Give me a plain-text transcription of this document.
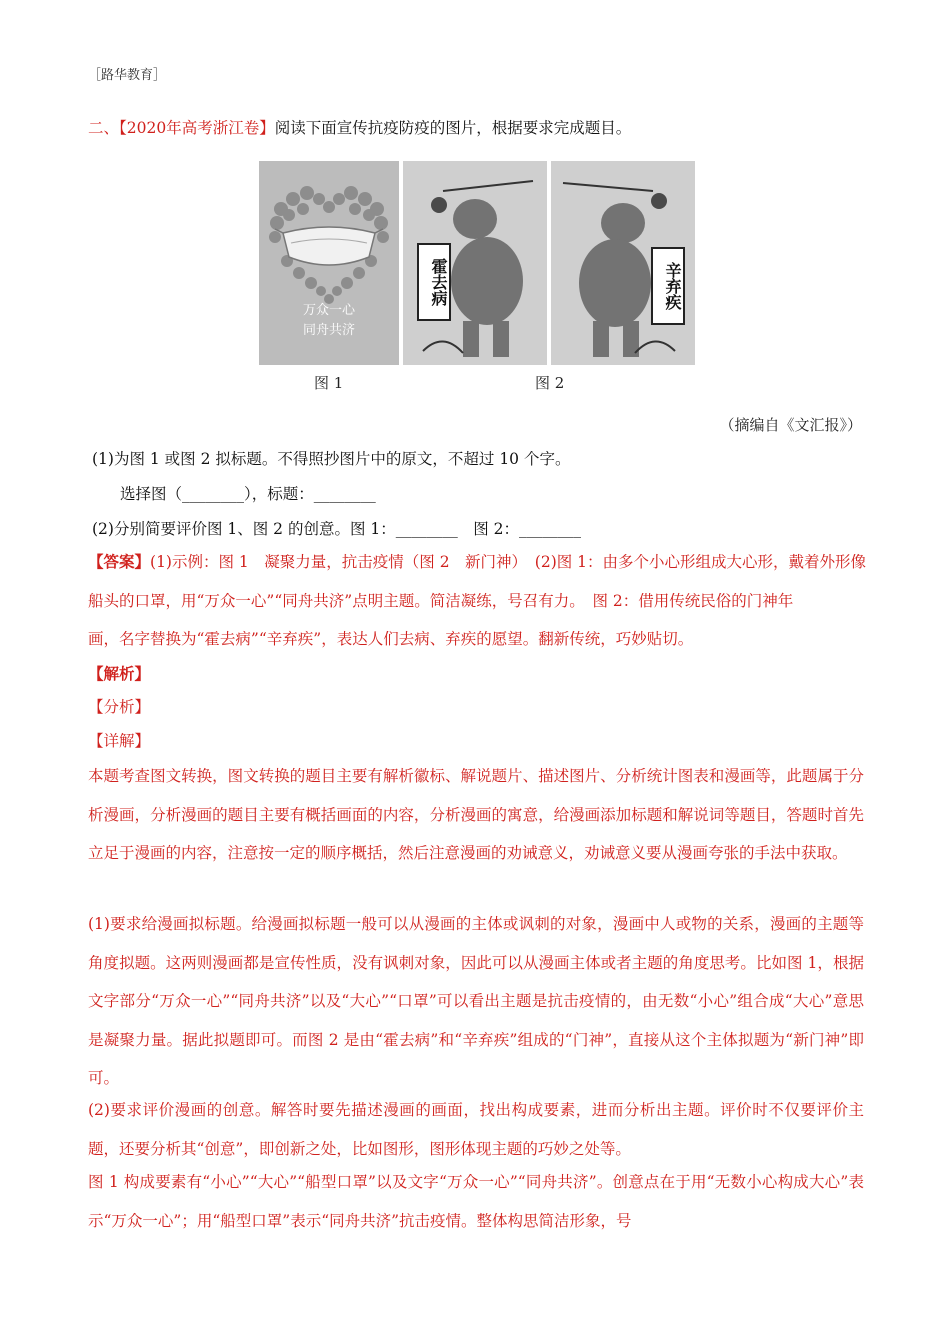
［路华教育］
二、【2020年高考浙江卷】阅读下面宣传抗疫防疫的图片，根据要求完成题目。
万众一心
同舟共济
霍去病	辛弃疾
图 1	图 2
（摘编自《文汇报》）
(1)为图 1 或图 2 拟标题。不得照抄图片中的原文，不超过 10 个字。
选择图（________），标题：________
(2)分别简要评价图 1、图 2 的创意。图 1：________　图 2：________
【答案】(1)示例：图 1　凝聚力量，抗击疫情（图 2　新门神）　(2)图 1：由多个小心形组成大心形，戴着外形像
船头的口罩，用“万众一心”“同舟共济”点明主题。简洁凝练，号召有力。　图 2：借用传统民俗的门神年
画，名字替换为“霍去病”“辛弃疾”，表达人们去病、弃疾的愿望。翻新传统，巧妙贴切。
【解析】
【分析】
【详解】
本题考查图文转换，图文转换的题目主要有解析徽标、解说题片、描述图片、分析统计图表和漫画等，此题属于分析漫画，分析漫画的题目主要有概括画面的内容，分析漫画的寓意，给漫画添加标题和解说词等题目，答题时首先立足于漫画的内容，注意按一定的顺序概括，然后注意漫画的劝诫意义，劝诫意义要从漫画夸张的手法中获取。
(1)要求给漫画拟标题。给漫画拟标题一般可以从漫画的主体或讽刺的对象，漫画中人或物的关系，漫画的主题等角度拟题。这两则漫画都是宣传性质，没有讽刺对象，因此可以从漫画主体或者主题的角度思考。比如图 1，根据文字部分“万众一心”“同舟共济”以及“大心”“口罩”可以看出主题是抗击疫情的，由无数“小心”组合成“大心”意思是凝聚力量。据此拟题即可。而图 2 是由“霍去病”和“辛弃疾”组成的“门神”，直接从这个主体拟题为“新门神”即可。
(2)要求评价漫画的创意。解答时要先描述漫画的画面，找出构成要素，进而分析出主题。评价时不仅要评价主题，还要分析其“创意”，即创新之处，比如图形，图形体现主题的巧妙之处等。
图 1 构成要素有“小心”“大心”“船型口罩”以及文字“万众一心”“同舟共济”。创意点在于用“无数小心构成大心”表示“万众一心”；用“船型口罩”表示“同舟共济”抗击疫情。整体构思简洁形象，号
